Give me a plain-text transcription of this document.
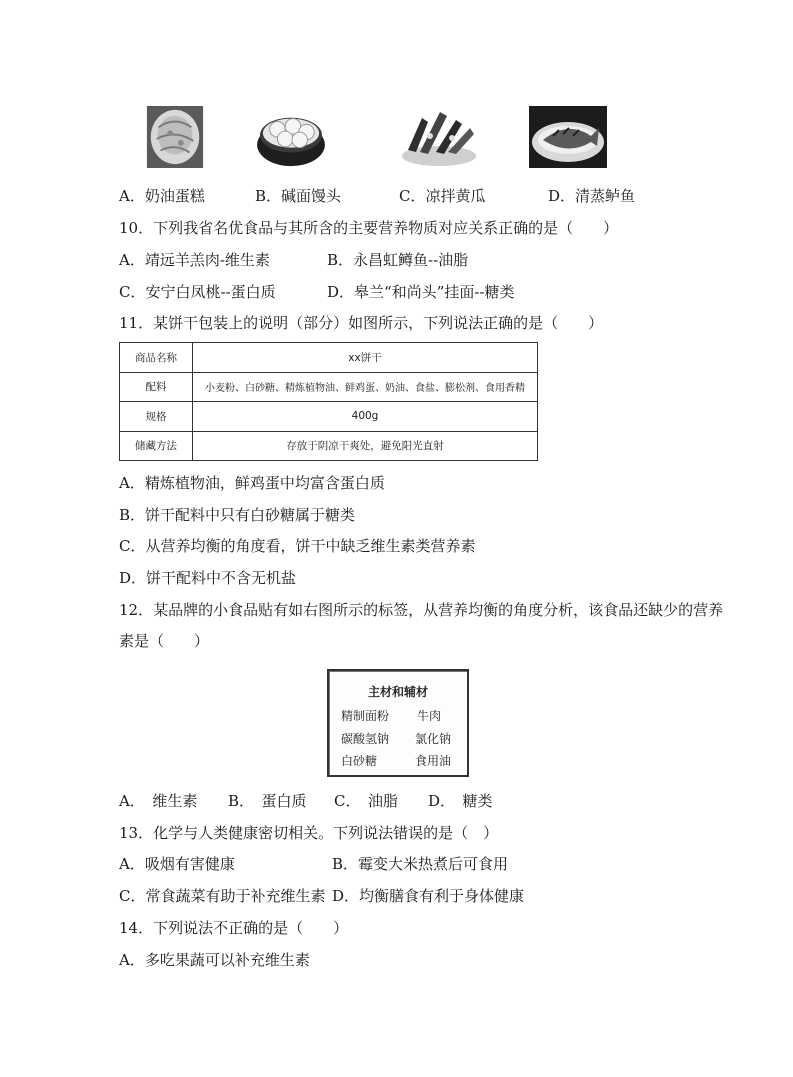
A．奶油蛋糕	B．碱面馒头	C．凉拌黄瓜	D．清蒸鲈鱼
10．下列我省名优食品与其所含的主要营养物质对应关系正确的是（　　）
A．靖远羊羔肉-维生素	B．永昌虹鳟鱼--油脂
C．安宁白凤桃--蛋白质	D．皋兰“和尚头”挂面--糖类
11．某饼干包装上的说明（部分）如图所示，下列说法正确的是（　　）
商品名称	xx饼干
配料	小麦粉、白砂糖、精炼植物油、鲜鸡蛋、奶油、食盐、膨松剂、食用香精
规格	400g
储藏方法	存放于阴凉干爽处，避免阳光直射
A．精炼植物油，鲜鸡蛋中均富含蛋白质
B．饼干配料中只有白砂糖属于糖类
C．从营养均衡的角度看，饼干中缺乏维生素类营养素
D．饼干配料中不含无机盐
12．某品牌的小食品贴有如右图所示的标签，从营养均衡的角度分析，该食品还缺少的营养
素是（　　）
主材和辅材
精制面粉 牛肉
碳酸氢钠 氯化钠
白砂糖	食用油
A．　维生素 B．　蛋白质 C．　油脂 D．　糖类
13．化学与人类健康密切相关。下列说法错误的是（　）
A．吸烟有害健康	B．霉变大米热煮后可食用
C．常食蔬菜有助于补充维生素 D．均衡膳食有利于身体健康
14．下列说法不正确的是（　　）
A．多吃果蔬可以补充维生素
